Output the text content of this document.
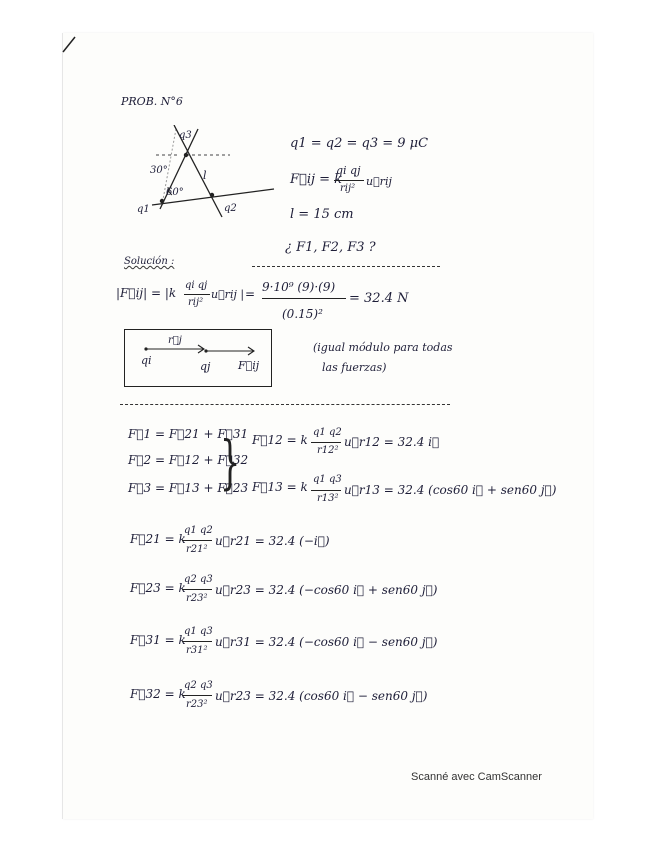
PROB. N°6
q3
q1	q2
l
30°
60°
q1 = q2 = q3 = 9 μC
F⃗ij = k
qi qj
rij²
u⃗rij
l = 15 cm
¿ F1, F2, F3 ?
Solución :
|F⃗ij| = |k
qi qj
rij²
u⃗rij | = 9·10⁹ (9)·(9)
(0.15)²
= 32.4 N
qi
r⃗j
qj	F⃗ij
(igual módulo para todas
las fuerzas)
F⃗1 = F⃗21 + F⃗31
F⃗2 = F⃗12 + F⃗32
F⃗3 = F⃗13 + F⃗23
} F⃗12 = k
q1 q2
r12²
u⃗r12 = 32.4 i⃗
F⃗13 = k
q1 q3
r13²
u⃗r13 = 32.4 (cos60 i⃗ + sen60 j⃗)
F⃗21 = k
q1 q2
r21²
u⃗r21 = 32.4 (−i⃗)
F⃗23 = k
q2 q3
r23²
u⃗r23 = 32.4 (−cos60 i⃗ + sen60 j⃗)
F⃗31 = k
q1 q3
r31²
u⃗r31 = 32.4 (−cos60 i⃗ − sen60 j⃗)
F⃗32 = k
q2 q3
r23²
u⃗r23 = 32.4 (cos60 i⃗ − sen60 j⃗)
Scanné avec CamScanner
